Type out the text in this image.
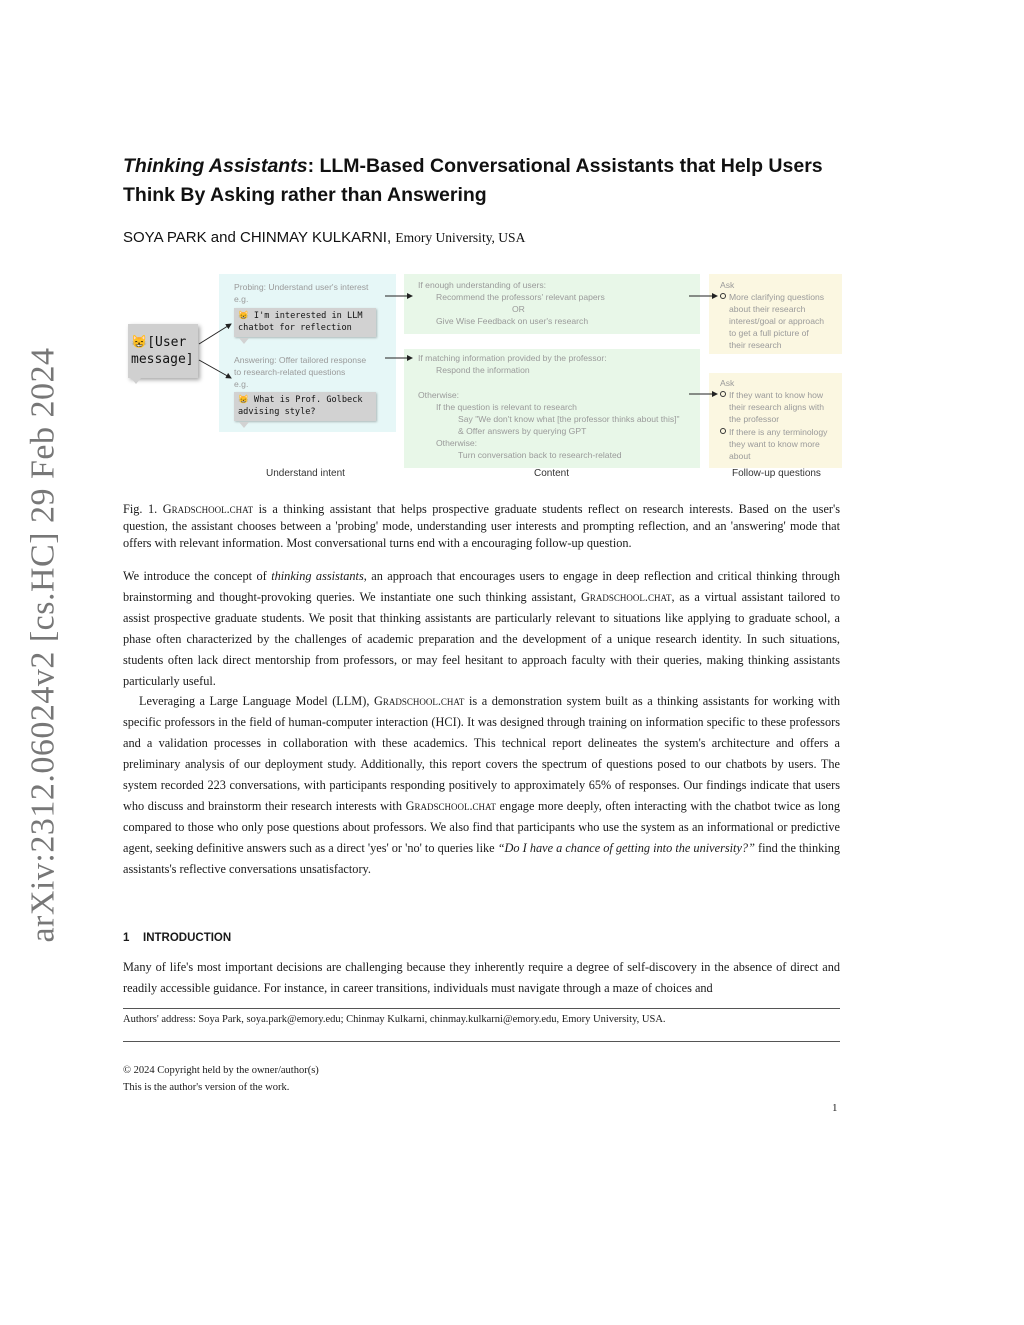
arXiv:2312.06024v2 [cs.HC] 29 Feb 2024
Thinking Assistants: LLM-Based Conversational Assistants that Help Users
Think By Asking rather than Answering
SOYA PARK and CHINMAY KULKARNI, Emory University, USA
😸[User message]
Probing: Understand user's interest
e.g.
😸 I'm interested in LLM chatbot for reflection
Answering: Offer tailored response
to research-related questions
e.g.
😸 What is Prof. Golbeck advising style?
If enough understanding of users:
Recommend the professors' relevant papers
OR
Give Wise Feedback on user's research
If matching information provided by the professor:
Respond the information
Otherwise:
If the question is relevant to research
Say "We don't know what [the professor thinks about this]"
& Offer answers by querying GPT
Otherwise:
Turn conversation back to research-related
Ask
More clarifying questions
about their research
interest/goal or approach
to get a full picture of
their research
Ask
If they want to know how
their research aligns with
the professor
If there is any terminology
they want to know more
about
Understand intent	Content	Follow-up questions
Fig. 1. Gradschool.chat is a thinking assistant that helps prospective graduate students reflect on research interests. Based on the user's question, the assistant chooses between a 'probing' mode, understanding user interests and prompting reflection, and an 'answering' mode that offers with relevant information. Most conversational turns end with a encouraging follow-up question.

We introduce the concept of thinking assistants, an approach that encourages users to engage in deep reflection and critical thinking through brainstorming and thought-provoking queries. We instantiate one such thinking assistant, Gradschool.chat, as a virtual assistant tailored to assist prospective graduate students. We posit that thinking assistants are particularly relevant to situations like applying to graduate school, a phase often characterized by the challenges of academic preparation and the development of a unique research identity. In such situations, students often lack direct mentorship from professors, or may feel hesitant to approach faculty with their queries, making thinking assistants particularly useful.

Leveraging a Large Language Model (LLM), Gradschool.chat is a demonstration system built as a thinking assistants for working with specific professors in the field of human-computer interaction (HCI). It was designed through training on information specific to these professors and a validation processes in collaboration with these academics. This technical report delineates the system's architecture and offers a preliminary analysis of our deployment study. Additionally, this report covers the spectrum of questions posed to our chatbots by users. The system recorded 223 conversations, with participants responding positively to approximately 65% of responses. Our findings indicate that users who discuss and brainstorm their research interests with Gradschool.chat engage more deeply, often interacting with the chatbot twice as long compared to those who only pose questions about professors. We also find that participants who use the system as an informational or predictive agent, seeking definitive answers such as a direct 'yes' or 'no' to queries like “Do I have a chance of getting into the university?” find the thinking assistants's reflective conversations unsatisfactory.

1 INTRODUCTION
Many of life's most important decisions are challenging because they inherently require a degree of self-discovery in the absence of direct and readily accessible guidance. For instance, in career transitions, individuals must navigate through a maze of choices and
Authors' address: Soya Park, soya.park@emory.edu; Chinmay Kulkarni, chinmay.kulkarni@emory.edu, Emory University, USA.
© 2024 Copyright held by the owner/author(s)
This is the author's version of the work.
1
